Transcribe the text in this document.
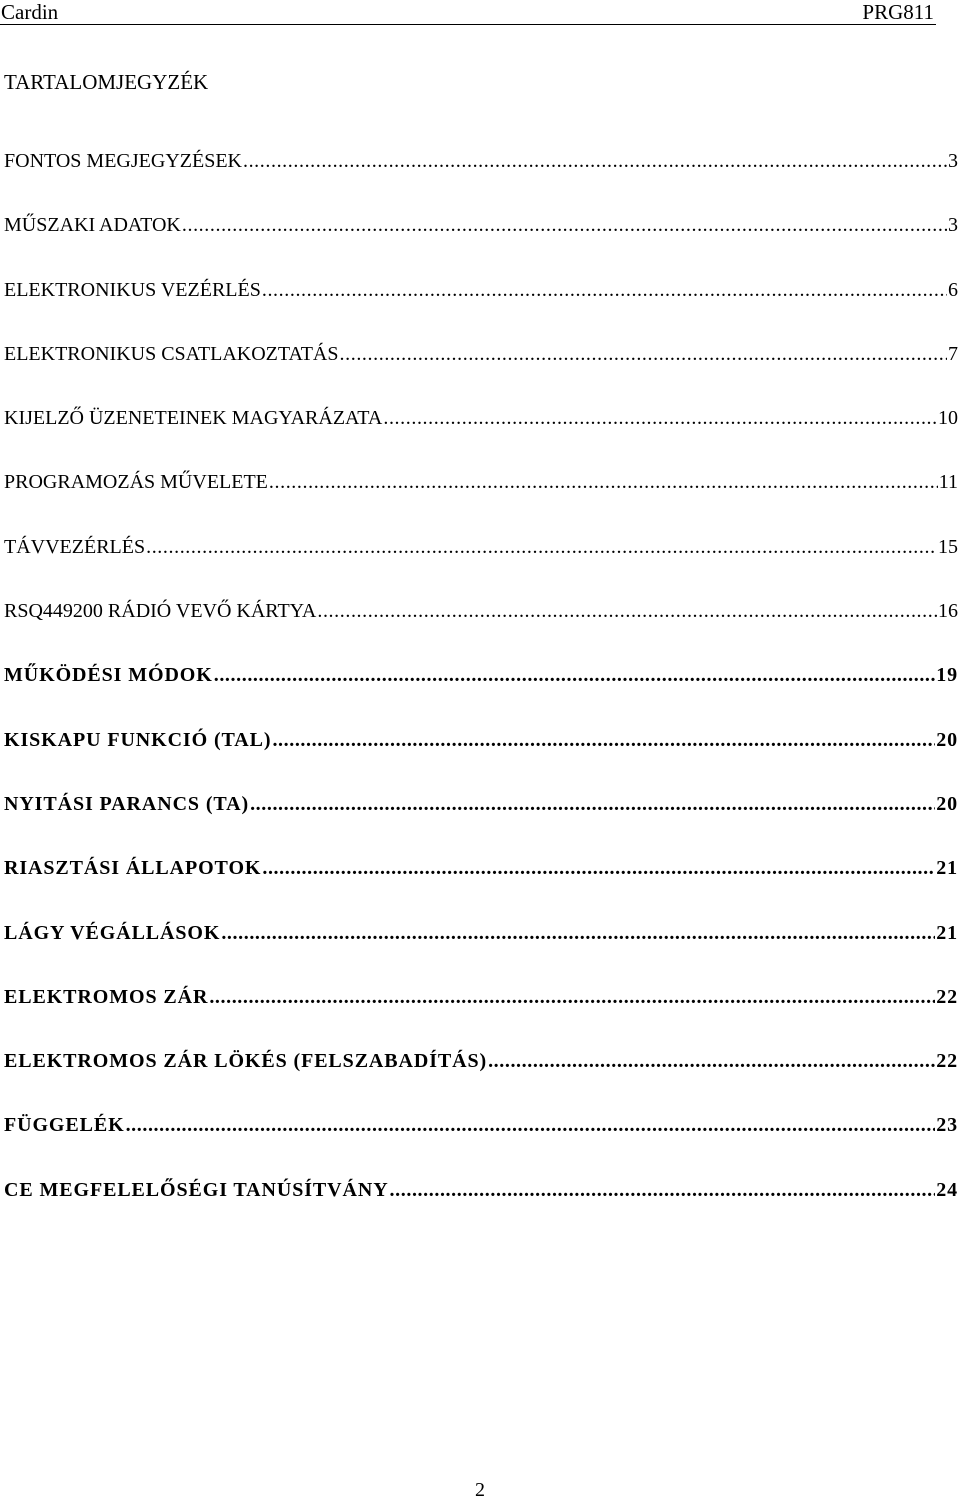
Cardin	PRG811
TARTALOMJEGYZÉK
FONTOS MEGJEGYZÉSEK .....	3
MŰSZAKI ADATOK .....	3
ELEKTRONIKUS VEZÉRLÉS .....	6
ELEKTRONIKUS CSATLAKOZTATÁS .....	7
KIJELZŐ ÜZENETEINEK MAGYARÁZATA .....	10
PROGRAMOZÁS MŰVELETE .....	11
TÁVVEZÉRLÉS .....	15
RSQ449200 RÁDIÓ VEVŐ KÁRTYA .....	16
MŰKÖDÉSI MÓDOK .....	19
KISKAPU FUNKCIÓ (TAL) .....	20
NYITÁSI PARANCS (TA) .....	20
RIASZTÁSI ÁLLAPOTOK .....	21
LÁGY VÉGÁLLÁSOK .....	21
ELEKTROMOS ZÁR .....	22
ELEKTROMOS ZÁR LÖKÉS (FELSZABADÍTÁS) .....	22
FÜGGELÉK .....	23
CE MEGFELELŐSÉGI TANÚSÍTVÁNY .....	24
2
